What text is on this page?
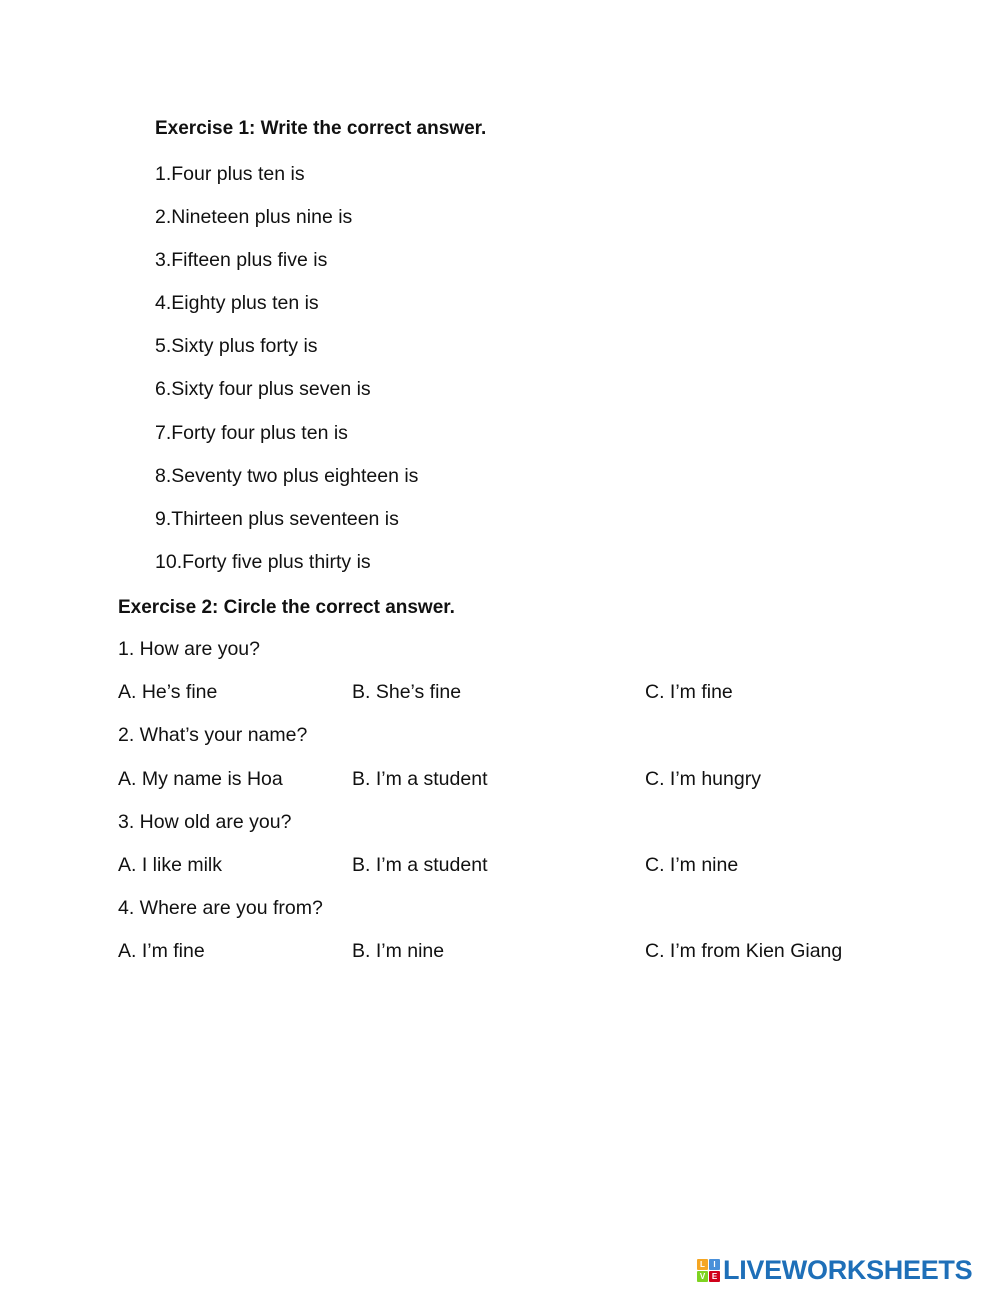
Exercise 1: Write the correct answer.

1.Four plus ten is
2.Nineteen plus nine is
3.Fifteen plus five is
4.Eighty plus ten is
5.Sixty plus forty is
6.Sixty four plus seven is
7.Forty four plus ten is
8.Seventy two plus eighteen is
9.Thirteen plus seventeen is
10.Forty five plus thirty is

Exercise 2: Circle the correct answer.

1. How are you?
A. He’s fine	B. She’s fine	C. I’m fine
2. What’s your name?
A. My name is Hoa	B. I’m a student	C. I’m hungry
3. How old are you?
A. I like milk	B. I’m a student	C. I’m nine
4. Where are you from?
A. I’m fine	B. I’m nine	C. I’m from Kien Giang
L	I
V E LIVEWORKSHEETS
